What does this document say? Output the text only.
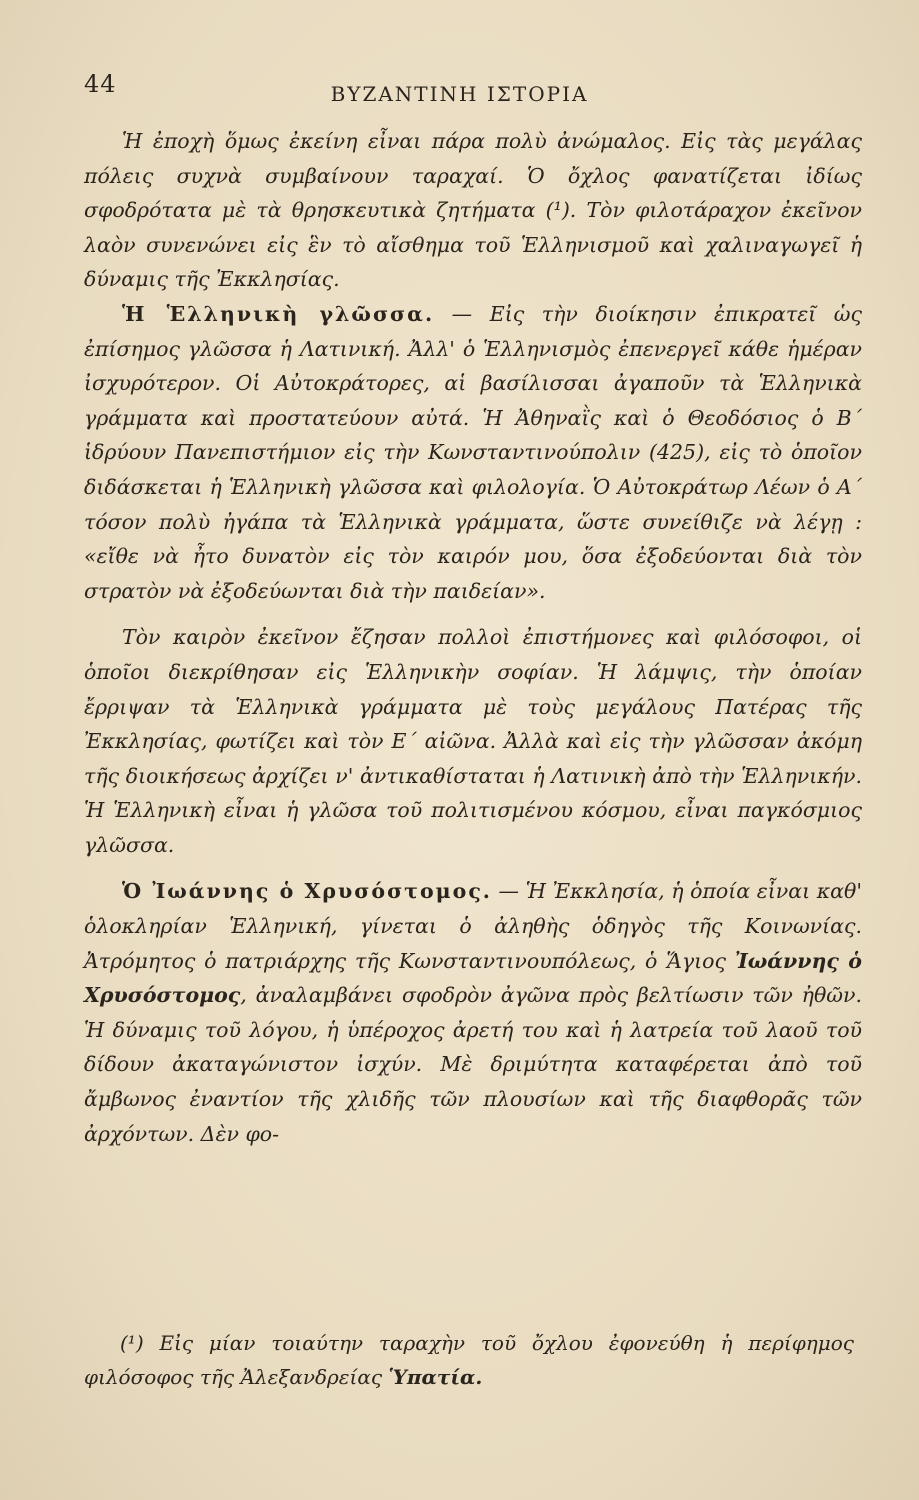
44	ΒΥΖΑΝΤΙΝΗ ΙΣΤΟΡΙΑ

Ἡ ἐποχὴ ὅμως ἐκείνη εἶναι πάρα πολὺ ἀνώμαλος. Εἰς τὰς μεγάλας πόλεις συχνὰ συμβαίνουν ταραχαί. Ὁ ὄχλος φανατίζεται ἰδίως σφοδρότατα μὲ τὰ θρησκευτικὰ ζητήματα (¹). Τὸν φιλοτάραχον ἐκεῖνον λαὸν συνενώνει εἰς ἓν τὸ αἴσθημα τοῦ Ἑλληνισμοῦ καὶ χαλιναγωγεῖ ἡ δύναμις τῆς Ἐκκλησίας.

Ἡ Ἑλληνικὴ γλῶσσα. — Εἰς τὴν διοίκησιν ἐπικρατεῖ ὡς ἐπίσημος γλῶσσα ἡ Λατινική. Ἀλλ' ὁ Ἑλληνισμὸς ἐπενεργεῖ κάθε ἡμέραν ἰσχυρότερον. Οἱ Αὐτοκράτορες, αἱ βασίλισσαι ἀγαποῦν τὰ Ἑλληνικὰ γράμματα καὶ προστατεύουν αὐτά. Ἡ Ἀθηναῒς καὶ ὁ Θεοδόσιος ὁ Β΄ ἱδρύουν Πανεπιστήμιον εἰς τὴν Κωνσταντινούπολιν (425), εἰς τὸ ὁποῖον διδάσκεται ἡ Ἑλληνικὴ γλῶσσα καὶ φιλολογία. Ὁ Αὐτοκράτωρ Λέων ὁ Α΄ τόσον πολὺ ἠγάπα τὰ Ἑλληνικὰ γράμματα, ὥστε συνείθιζε νὰ λέγῃ : «εἴθε νὰ ἦτο δυνατὸν εἰς τὸν καιρόν μου, ὅσα ἐξοδεύονται διὰ τὸν στρατὸν νὰ ἐξοδεύωνται διὰ τὴν παιδείαν».

Τὸν καιρὸν ἐκεῖνον ἔζησαν πολλοὶ ἐπιστήμονες καὶ φιλόσοφοι, οἱ ὁποῖοι διεκρίθησαν εἰς Ἑλληνικὴν σοφίαν. Ἡ λάμψις, τὴν ὁποίαν ἔρριψαν τὰ Ἑλληνικὰ γράμματα μὲ τοὺς μεγάλους Πατέρας τῆς Ἐκκλησίας, φωτίζει καὶ τὸν Ε΄ αἰῶνα. Ἀλλὰ καὶ εἰς τὴν γλῶσσαν ἀκόμη τῆς διοικήσεως ἀρχίζει ν' ἀντικαθίσταται ἡ Λατινικὴ ἀπὸ τὴν Ἑλληνικήν. Ἡ Ἑλληνικὴ εἶναι ἡ γλῶσα τοῦ πολιτισμένου κόσμου, εἶναι παγκόσμιος γλῶσσα.

Ὁ Ἰωάννης ὁ Χρυσόστομος. — Ἡ Ἐκκλησία, ἡ ὁποία εἶναι καθ' ὁλοκληρίαν Ἑλληνική, γίνεται ὁ ἀληθὴς ὁδηγὸς τῆς Κοινωνίας. Ἀτρόμητος ὁ πατριάρχης τῆς Κωνσταντινουπόλεως, ὁ Ἅγιος Ἰωάννης ὁ Χρυσόστομος, ἀναλαμβάνει σφοδρὸν ἀγῶνα πρὸς βελτίωσιν τῶν ἠθῶν. Ἡ δύναμις τοῦ λόγου, ἡ ὑπέροχος ἀρετή του καὶ ἡ λατρεία τοῦ λαοῦ τοῦ δίδουν ἀκαταγώνιστον ἰσχύν. Μὲ δριμύτητα καταφέρεται ἀπὸ τοῦ ἄμβωνος ἐναντίον τῆς χλιδῆς τῶν πλουσίων καὶ τῆς διαφθορᾶς τῶν ἀρχόντων. Δὲν φο-

(¹) Εἰς μίαν τοιαύτην ταραχὴν τοῦ ὄχλου ἐφονεύθη ἡ περίφημος φιλόσοφος τῆς Ἀλεξανδρείας Ὑπατία.
